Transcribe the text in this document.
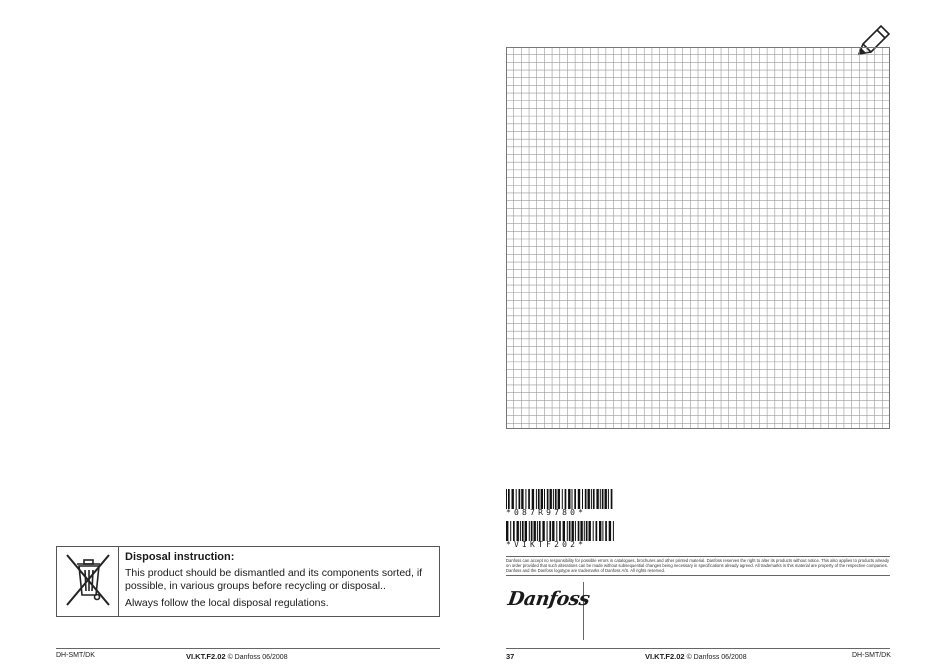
Disposal instruction:

This product should be dismantled and its components sorted, if possible, in various groups before recycling or disposal..

Always follow the local disposal regulations.

DH-SMT/DK	VI.KT.F2.02 © Danfoss 06/2008
*087R9780*
*VIKTF202*
Danfoss can accept no responsibility for possible errors in catalogues, brochures and other printed material. Danfoss reserves the right to alter its products without notice. This also applies to products already on order provided that such alterations can be made without subsequential changes being necessary in specifications already agreed. All trademarks in this material are property of the respective companies. Danfoss and the Danfoss logotype are trademarks of Danfoss A/S. All rights reserved.
Danfoss
37	VI.KT.F2.02 © Danfoss 06/2008	DH-SMT/DK
